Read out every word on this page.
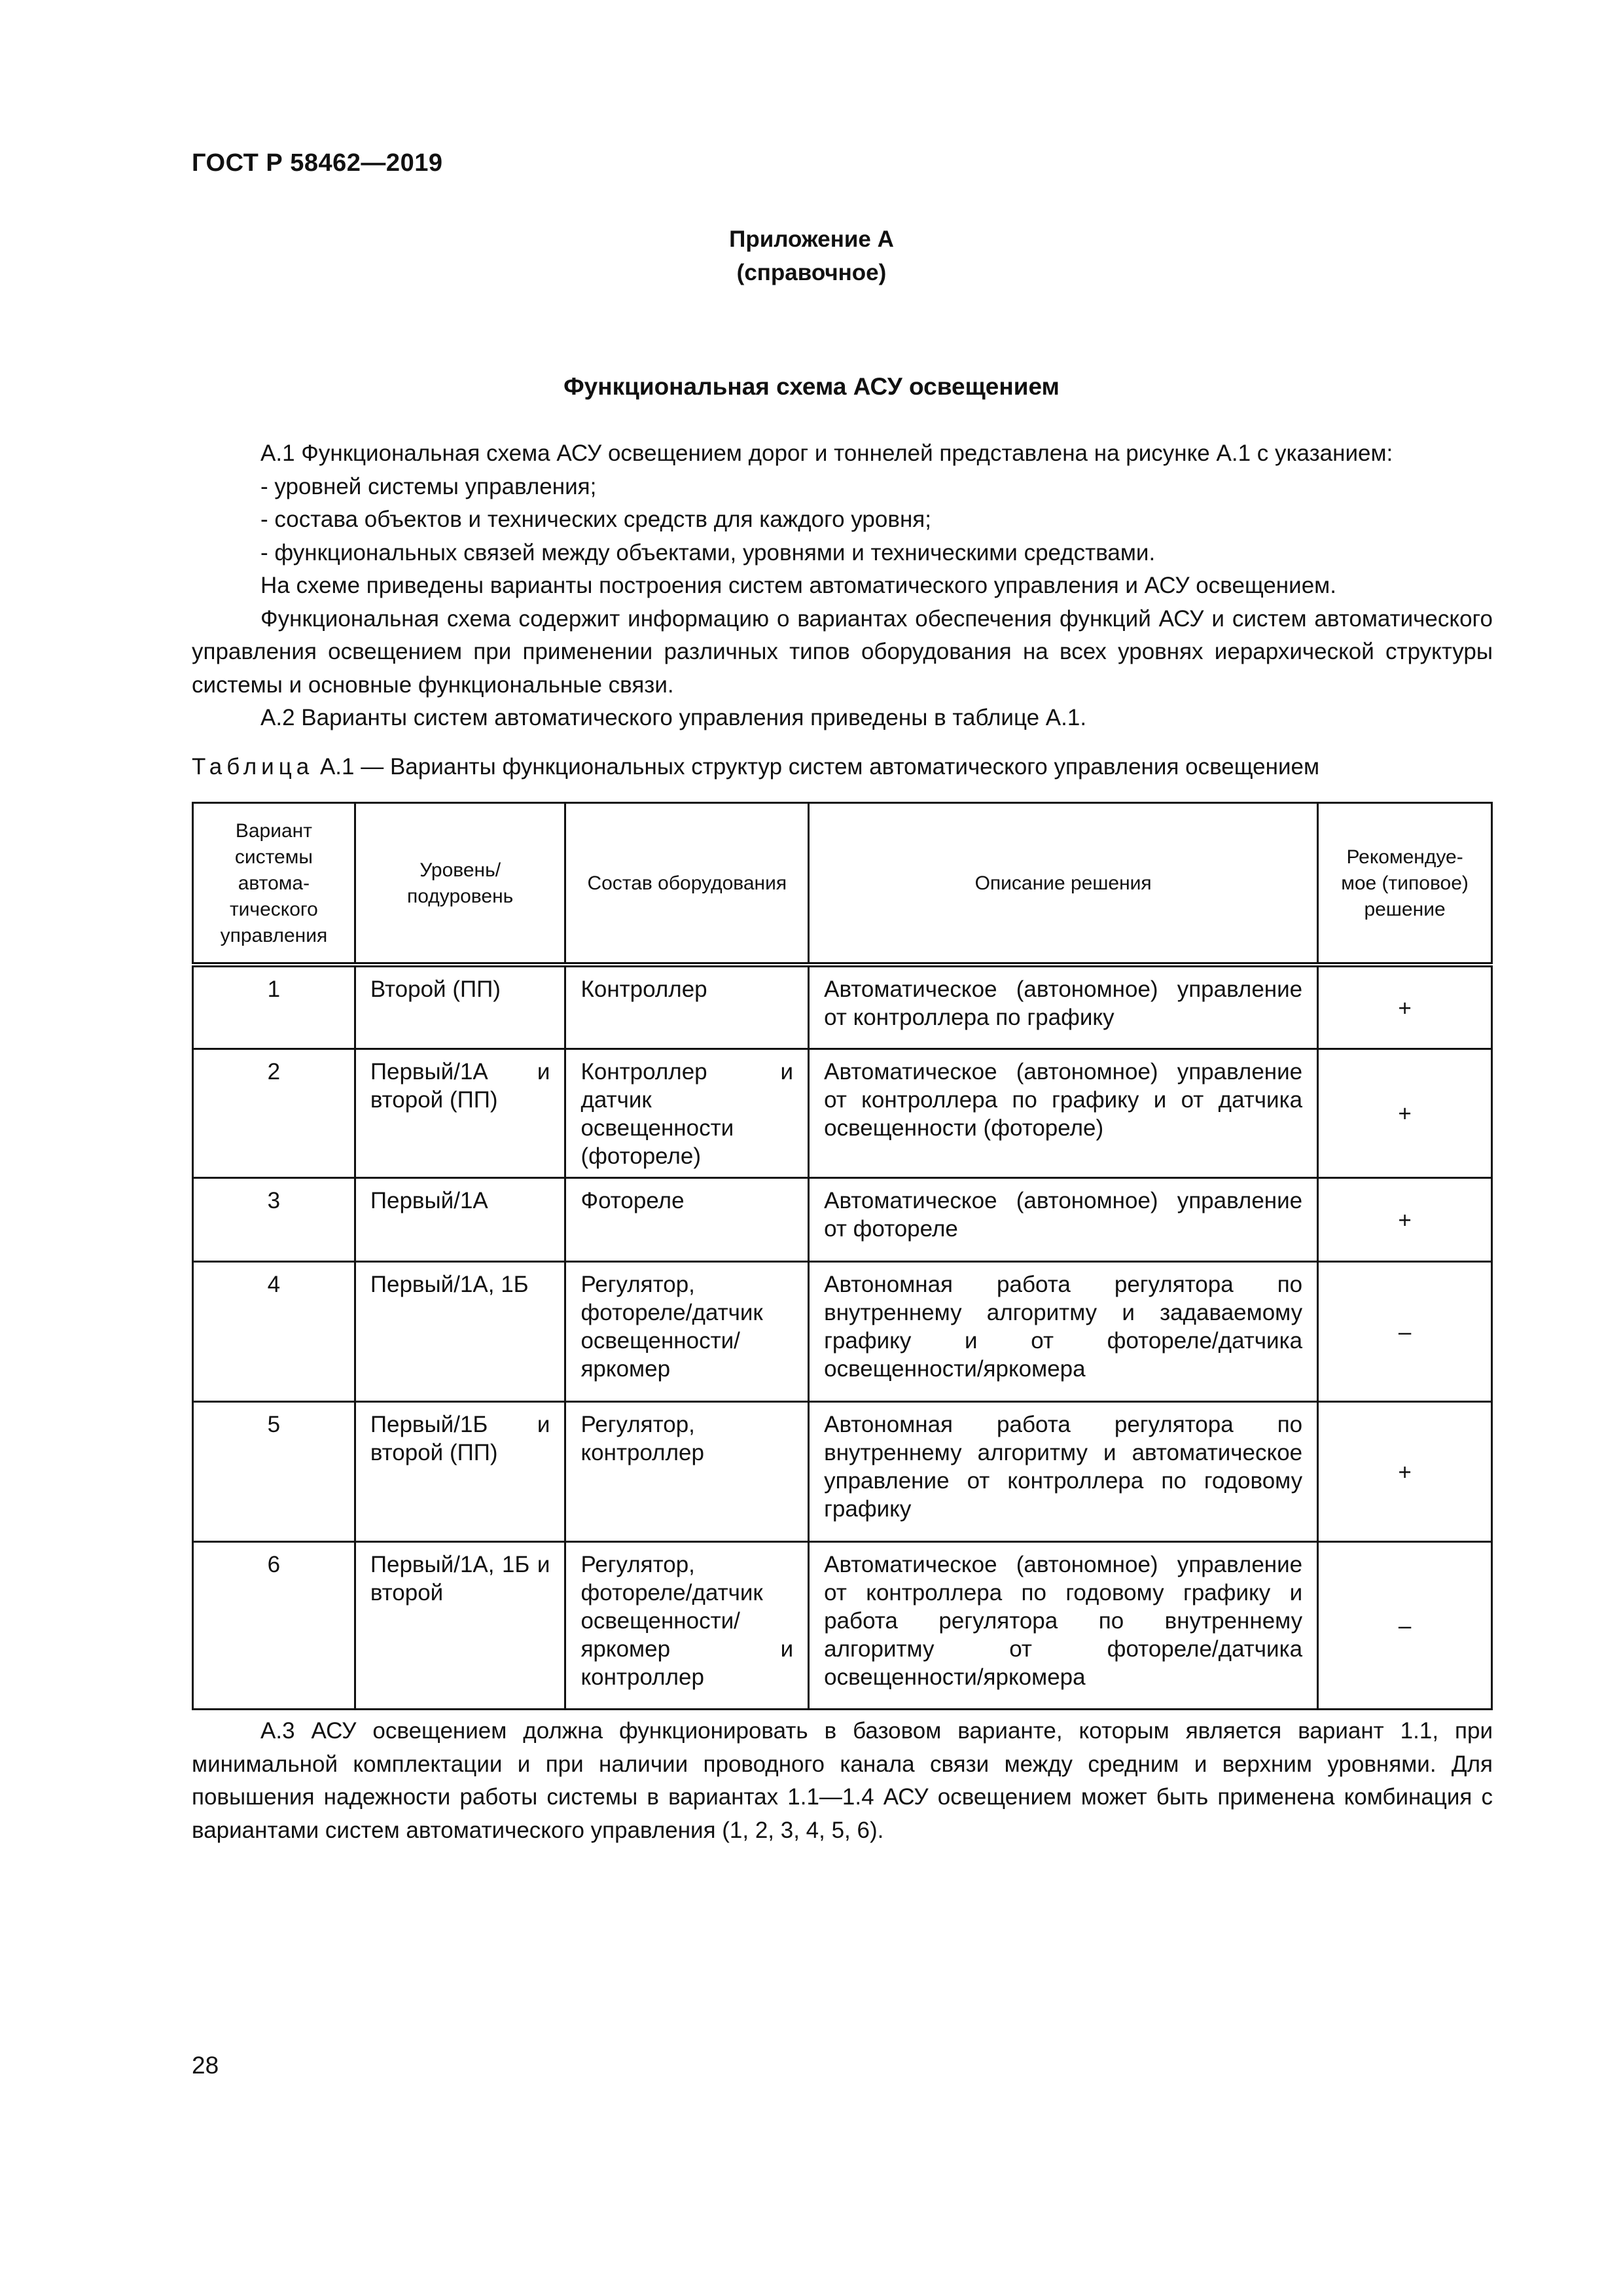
ГОСТ Р 58462—2019
Приложение А
(справочное)
Функциональная схема АСУ освещением

А.1 Функциональная схема АСУ освещением дорог и тоннелей представлена на рисунке А.1 с указанием:

- уровней системы управления;

- состава объектов и технических средств для каждого уровня;

- функциональных связей между объектами, уровнями и техническими средствами.

На схеме приведены варианты построения систем автоматического управления и АСУ освещением.

Функциональная схема содержит информацию о вариантах обеспечения функций АСУ и систем автоматического управления освещением при применении различных типов оборудования на всех уровнях иерархической структуры системы и основные функциональные связи.

А.2 Варианты систем автоматического управления приведены в таблице А.1.

Таблица А.1 — Варианты функциональных структур систем автоматического управления освещением
Вариант системы автоматического управления	Уровень/ подуровень	Состав оборудования	Описание решения	Рекомендуемое (типовое) решение
1	Второй (ПП)	Контроллер	Автоматическое (автономное) управление от контроллера по графику	+
2	Первый/1А и второй (ПП)	Контроллер и датчик освещенности (фотореле)	Автоматическое (автономное) управление от контроллера по графику и от датчика освещенности (фотореле)	+
3	Первый/1А	Фотореле	Автоматическое (автономное) управление от фотореле	+
4	Первый/1А, 1Б	Регулятор, фотореле/датчик освещенности/яркомер	Автономная работа регулятора по внутреннему алгоритму и задаваемому графику и от фотореле/датчика освещенности/яркомера	–
5	Первый/1Б и второй (ПП)	Регулятор, контроллер	Автономная работа регулятора по внутреннему алгоритму и автоматическое управление от контроллера по годовому графику	+
6	Первый/1А, 1Б и второй	Регулятор, фотореле/датчик освещенности/яркомер и контроллер	Автоматическое (автономное) управление от контроллера по годовому графику и работа регулятора по внутреннему алгоритму от фотореле/датчика освещенности/яркомера	–

А.3 АСУ освещением должна функционировать в базовом варианте, которым является вариант 1.1, при минимальной комплектации и при наличии проводного канала связи между средним и верхним уровнями. Для повышения надежности работы системы в вариантах 1.1—1.4 АСУ освещением может быть применена комбинация с вариантами систем автоматического управления (1, 2, 3, 4, 5, 6).

28
